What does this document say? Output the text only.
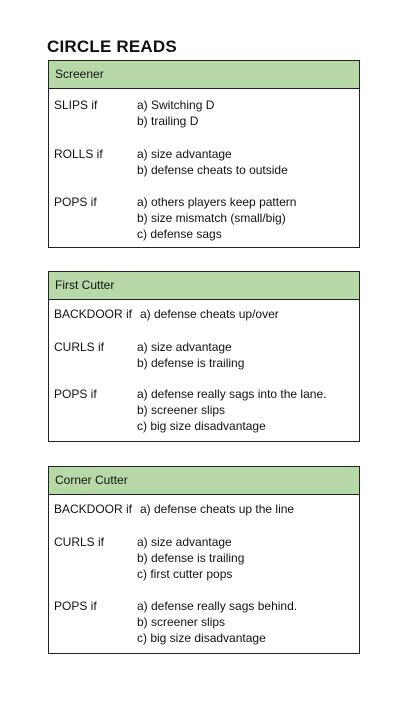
CIRCLE READS
Screener
SLIPS if	a) Switching D
b) trailing D
ROLLS if	a) size advantage
b) defense cheats to outside
POPS if	a) others players keep pattern
b) size mismatch (small/big)
c) defense sags
First Cutter
BACKDOOR if a) defense cheats up/over
CURLS if	a) size advantage
b) defense is trailing
POPS if	a) defense really sags into the lane.
b) screener slips
c) big size disadvantage
Corner Cutter
BACKDOOR if a) defense cheats up the line
CURLS if	a) size advantage
b) defense is trailing
c) first cutter pops
POPS if	a) defense really sags behind.
b) screener slips
c) big size disadvantage
